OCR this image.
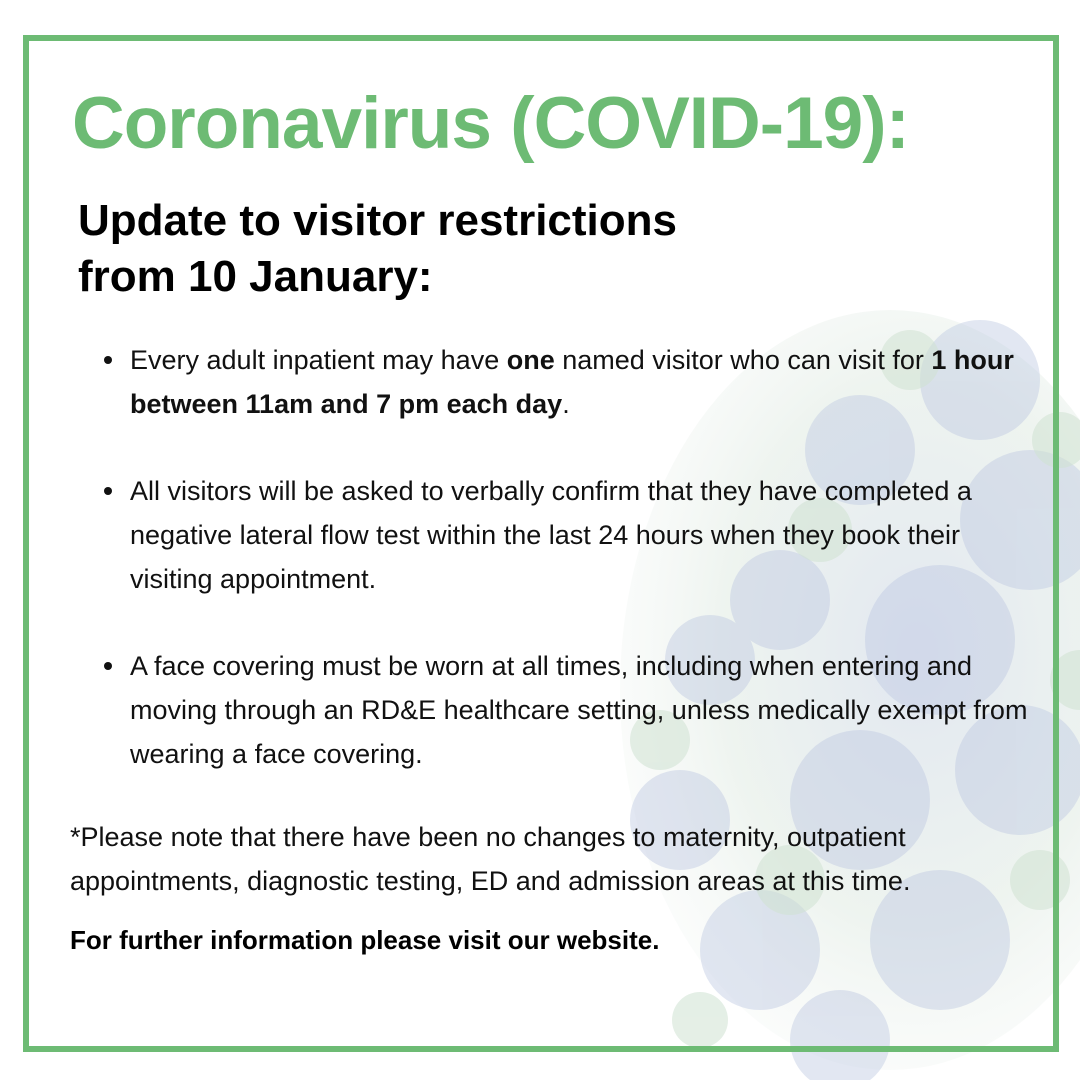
Coronavirus (COVID-19):
Update to visitor restrictions
from 10 January:
Every adult inpatient may have one named visitor who can visit for 1 hour between 11am and 7 pm each day.
All visitors will be asked to verbally confirm that they have completed a negative lateral flow test within the last 24 hours when they book their visiting appointment.
A face covering must be worn at all times, including when entering and moving through an RD&E healthcare setting, unless medically exempt from wearing a face covering.

*Please note that there have been no changes to maternity, outpatient
appointments, diagnostic testing, ED and admission areas at this time.

For further information please visit our website.
